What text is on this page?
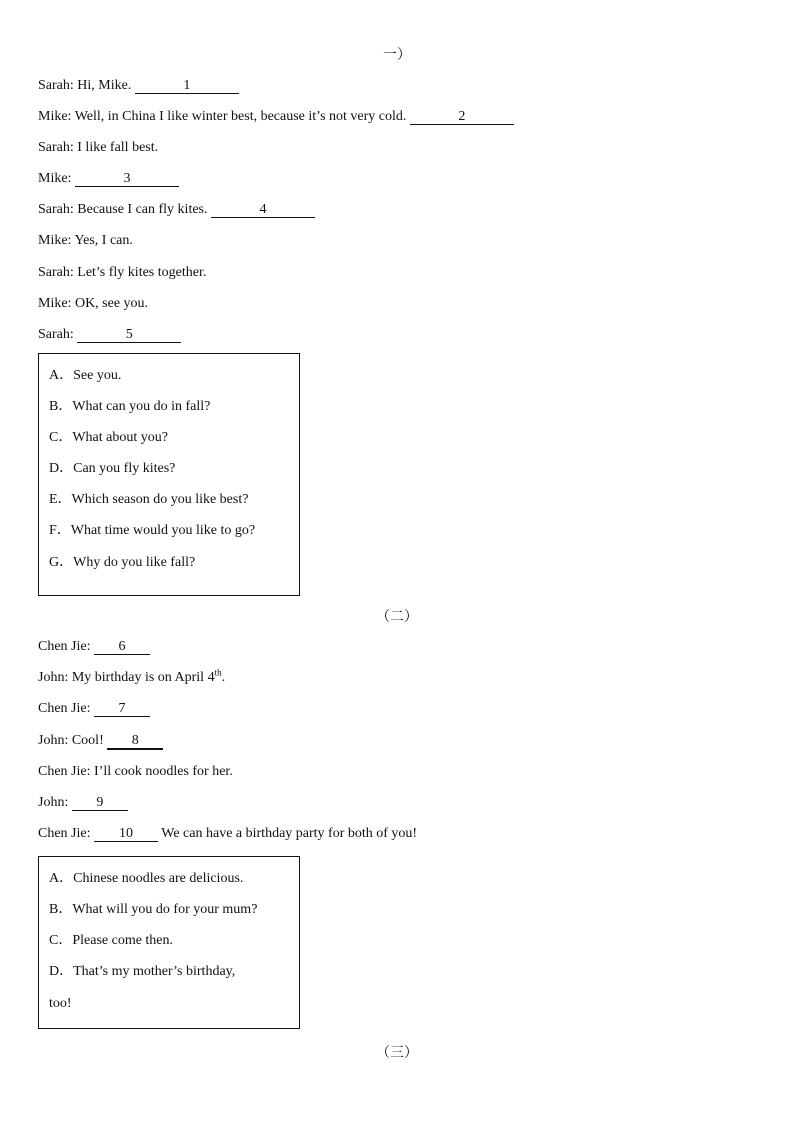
一）
Sarah: Hi, Mike.	1
Mike: Well, in China I like winter best, because it’s not very cold.	2
Sarah: I like fall best.
Mike:	3
Sarah: Because I can fly kites.	4
Mike: Yes, I can.
Sarah: Let’s fly kites together.
Mike: OK, see you.
Sarah:	5
A．See you.
B．What can you do in fall?
C．What about you?
D．Can you fly kites?
E．Which season do you like best?
F．What time would you like to go?
G．Why do you like fall?
（二）
Chen Jie: 6
John: My birthday is on April 4th.
Chen Jie: 7
John: Cool! 8
Chen Jie: I’ll cook noodles for her.
John: 9
Chen Jie: 10 We can have a birthday party for both of you!
A．Chinese noodles are delicious.
B．What will you do for your mum?
C．Please come then.
D．That’s my mother’s birthday,
too!
（三）
